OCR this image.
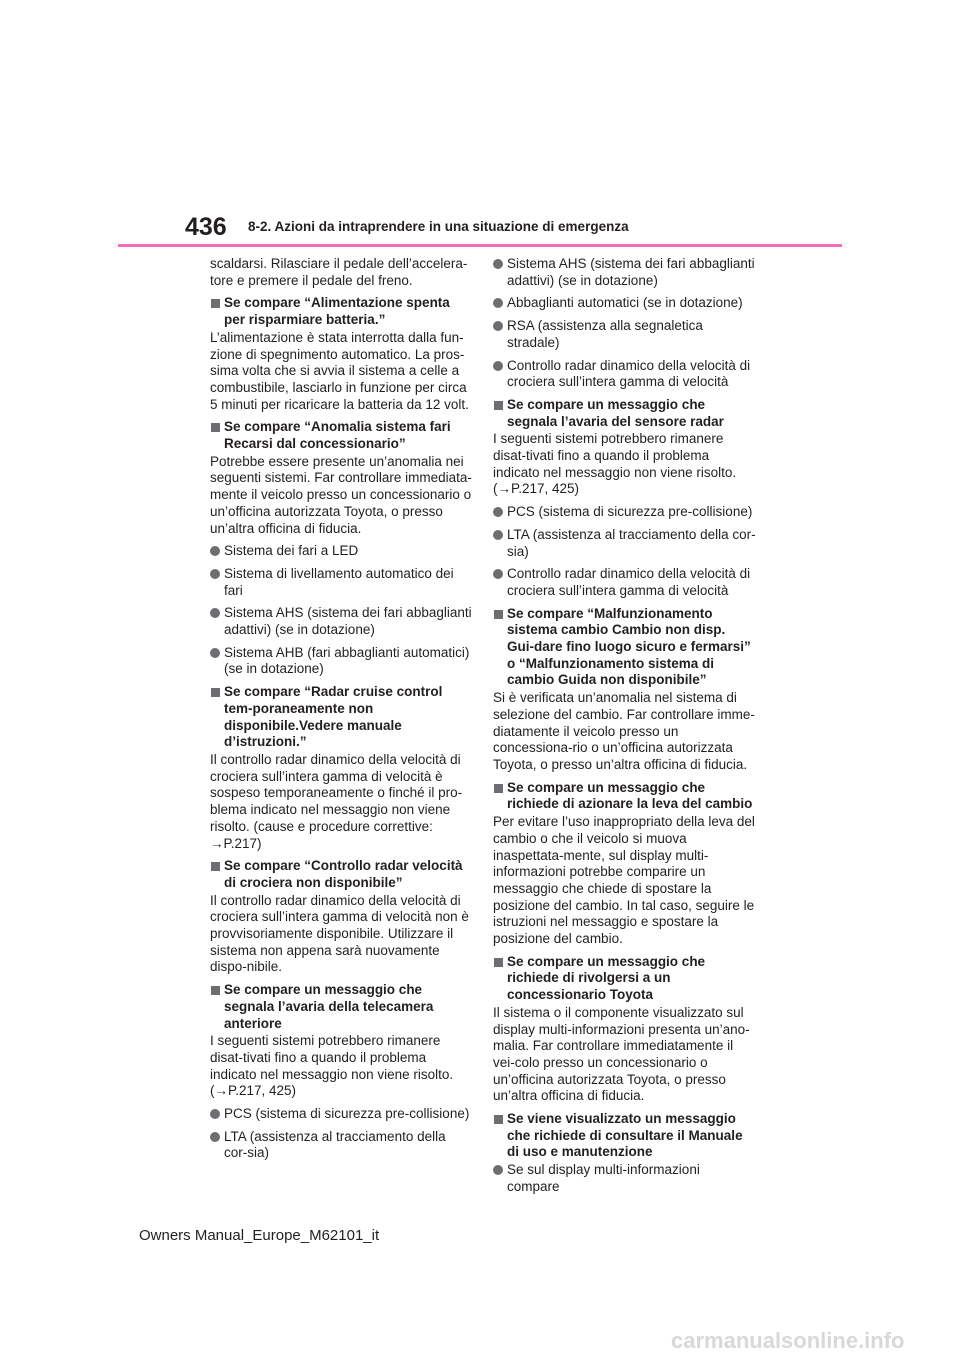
436 8-2. Azioni da intraprendere in una situazione di emergenza
scaldarsi. Rilasciare il pedale dell’accelera-tore e premere il pedale del freno.
Se compare “Alimentazione spenta per risparmiare batteria.”
L’alimentazione è stata interrotta dalla fun-zione di spegnimento automatico. La pros-sima volta che si avvia il sistema a celle a combustibile, lasciarlo in funzione per circa 5 minuti per ricaricare la batteria da 12 volt.
Se compare “Anomalia sistema fari Recarsi dal concessionario”
Potrebbe essere presente un’anomalia nei seguenti sistemi. Far controllare immediata-mente il veicolo presso un concessionario o un’officina autorizzata Toyota, o presso un’altra officina di fiducia.
Sistema dei fari a LED
Sistema di livellamento automatico dei fari
Sistema AHS (sistema dei fari abbaglianti adattivi) (se in dotazione)
Sistema AHB (fari abbaglianti automatici) (se in dotazione)
Se compare “Radar cruise control tem-poraneamente non disponibile.Vedere manuale d’istruzioni.”
Il controllo radar dinamico della velocità di crociera sull’intera gamma di velocità è sospeso temporaneamente o finché il pro-blema indicato nel messaggio non viene risolto. (cause e procedure correttive: →P.217)
Se compare “Controllo radar velocità di crociera non disponibile”
Il controllo radar dinamico della velocità di crociera sull’intera gamma di velocità non è provvisoriamente disponibile. Utilizzare il sistema non appena sarà nuovamente dispo-nibile.
Se compare un messaggio che segnala l’avaria della telecamera anteriore
I seguenti sistemi potrebbero rimanere disat-tivati fino a quando il problema indicato nel messaggio non viene risolto. (→P.217, 425)
PCS (sistema di sicurezza pre-collisione)
LTA (assistenza al tracciamento della cor-sia)
Sistema AHS (sistema dei fari abbaglianti adattivi) (se in dotazione)
Abbaglianti automatici (se in dotazione)
RSA (assistenza alla segnaletica stradale)
Controllo radar dinamico della velocità di crociera sull’intera gamma di velocità
Se compare un messaggio che segnala l’avaria del sensore radar
I seguenti sistemi potrebbero rimanere disat-tivati fino a quando il problema indicato nel messaggio non viene risolto. (→P.217, 425)
PCS (sistema di sicurezza pre-collisione)
LTA (assistenza al tracciamento della cor-sia)
Controllo radar dinamico della velocità di crociera sull’intera gamma di velocità
Se compare “Malfunzionamento sistema cambio Cambio non disp. Gui-dare fino luogo sicuro e fermarsi” o “Malfunzionamento sistema di cambio Guida non disponibile”
Si è verificata un’anomalia nel sistema di selezione del cambio. Far controllare imme-diatamente il veicolo presso un concessiona-rio o un’officina autorizzata Toyota, o presso un’altra officina di fiducia.
Se compare un messaggio che richiede di azionare la leva del cambio
Per evitare l’uso inappropriato della leva del cambio o che il veicolo si muova inaspettata-mente, sul display multi-informazioni potrebbe comparire un messaggio che chiede di spostare la posizione del cambio. In tal caso, seguire le istruzioni nel messaggio e spostare la posizione del cambio.
Se compare un messaggio che richiede di rivolgersi a un concessionario Toyota
Il sistema o il componente visualizzato sul display multi-informazioni presenta un’ano-malia. Far controllare immediatamente il vei-colo presso un concessionario o un’officina autorizzata Toyota, o presso un’altra officina di fiducia.
Se viene visualizzato un messaggio che richiede di consultare il Manuale di uso e manutenzione
Se sul display multi-informazioni compare
Owners Manual_Europe_M62101_it
carmanualsonline.info
